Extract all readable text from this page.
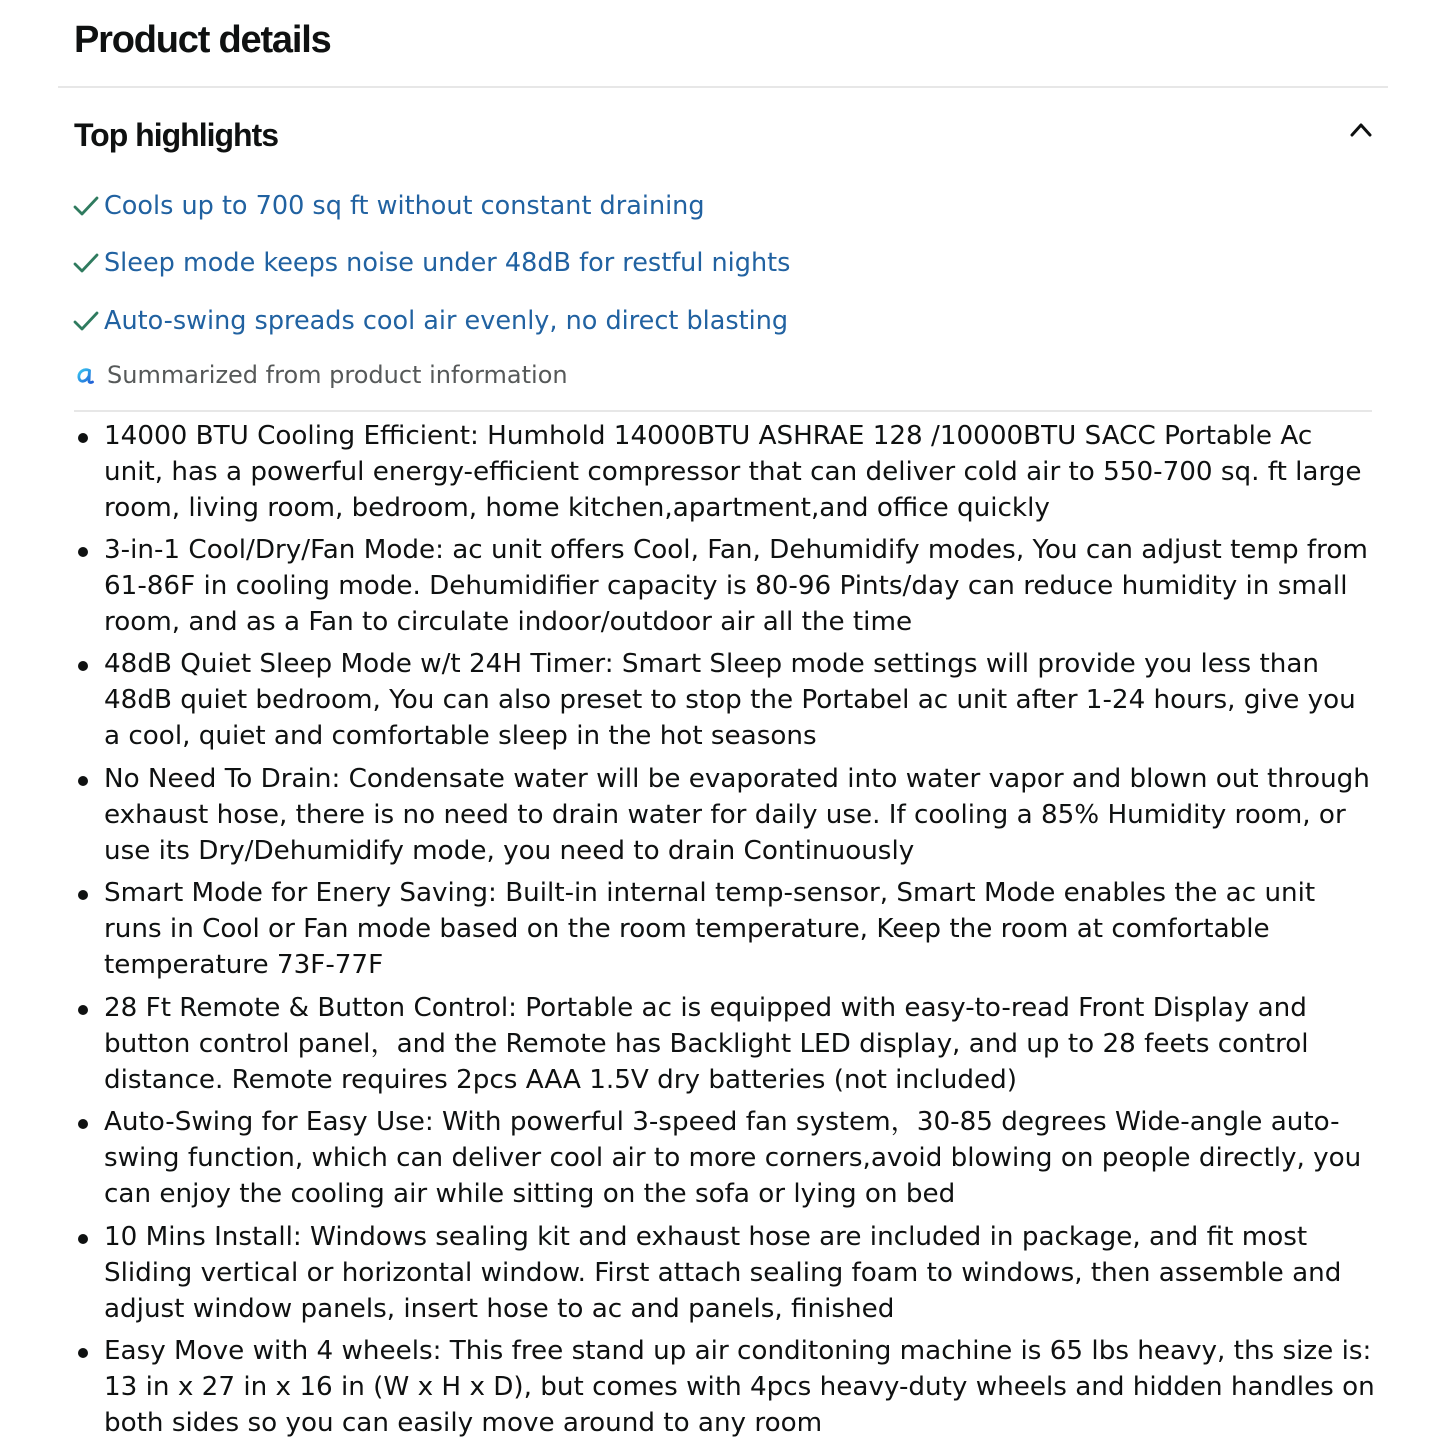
Product details
Top highlights
Cools up to 700 sq ft without constant draining
Sleep mode keeps noise under 48dB for restful nights
Auto-swing spreads cool air evenly, no direct blasting
Summarized from product information
14000 BTU Cooling Efficient: Humhold 14000BTU ASHRAE 128 /10000BTU SACC Portable Ac unit, has a powerful energy-efficient compressor that can deliver cold air to 550-700 sq. ft large room, living room, bedroom, home kitchen,apartment,and office quickly
3-in-1 Cool/Dry/Fan Mode: ac unit offers Cool, Fan, Dehumidify modes, You can adjust temp from 61-86F in cooling mode. Dehumidifier capacity is 80-96 Pints/day can reduce humidity in small room, and as a Fan to circulate indoor/outdoor air all the time
48dB Quiet Sleep Mode w/t 24H Timer: Smart Sleep mode settings will provide you less than 48dB quiet bedroom, You can also preset to stop the Portabel ac unit after 1-24 hours, give you a cool, quiet and comfortable sleep in the hot seasons
No Need To Drain: Condensate water will be evaporated into water vapor and blown out through exhaust hose, there is no need to drain water for daily use. If cooling a 85% Humidity room, or use its Dry/Dehumidify mode, you need to drain Continuously
Smart Mode for Enery Saving: Built-in internal temp-sensor, Smart Mode enables the ac unit runs in Cool or Fan mode based on the room temperature, Keep the room at comfortable temperature 73F-77F
28 Ft Remote & Button Control: Portable ac is equipped with easy-to-read Front Display and button control panel，and the Remote has Backlight LED display, and up to 28 feets control distance. Remote requires 2pcs AAA 1.5V dry batteries (not included)
Auto-Swing for Easy Use: With powerful 3-speed fan system，30-85 degrees Wide-angle auto-swing function, which can deliver cool air to more corners,avoid blowing on people directly, you can enjoy the cooling air while sitting on the sofa or lying on bed
10 Mins Install: Windows sealing kit and exhaust hose are included in package, and fit most Sliding vertical or horizontal window. First attach sealing foam to windows, then assemble and adjust window panels, insert hose to ac and panels, finished
Easy Move with 4 wheels: This free stand up air conditoning machine is 65 lbs heavy, ths size is: 13 in x 27 in x 16 in (W x H x D), but comes with 4pcs heavy-duty wheels and hidden handles on both sides so you can easily move around to any room
